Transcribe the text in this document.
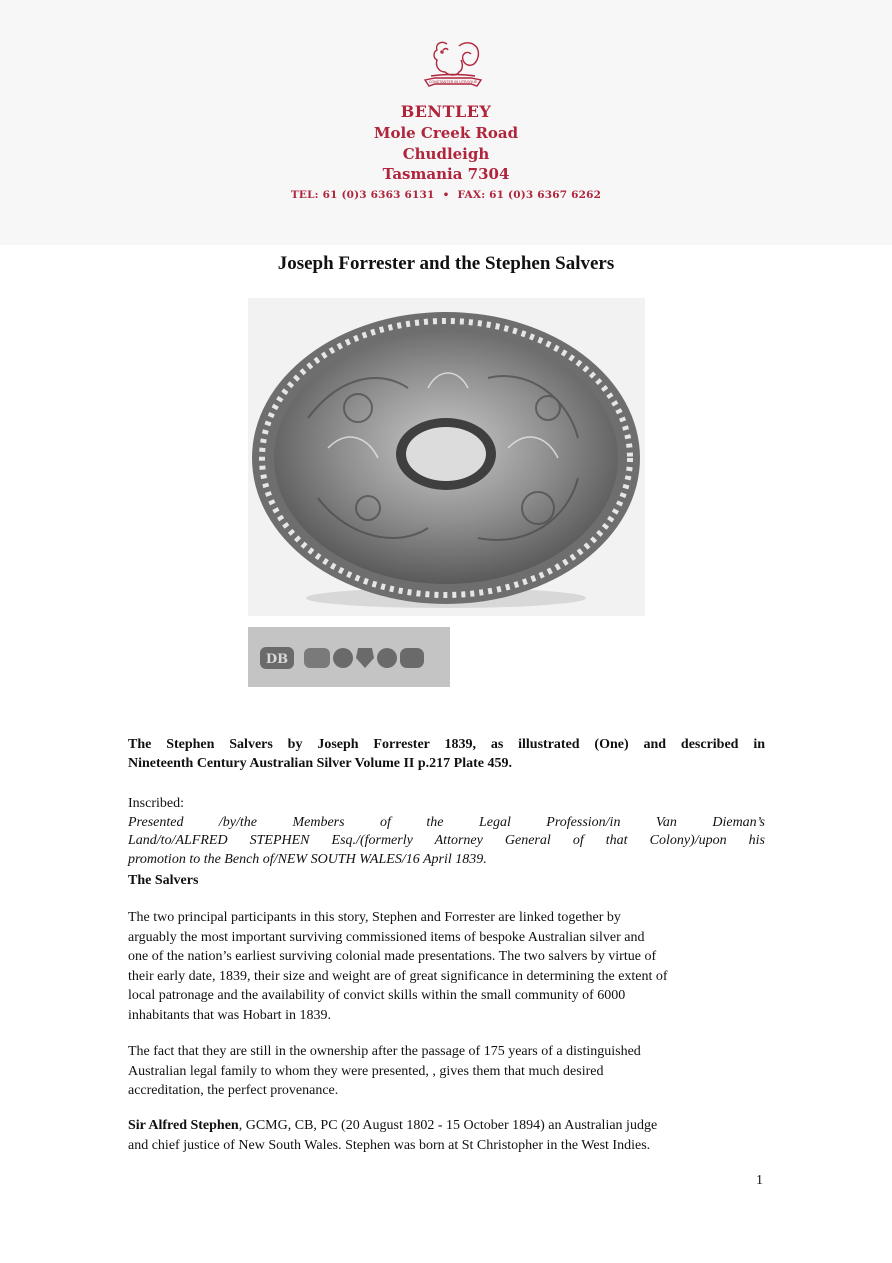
CONSTANTER IN UTROQUE
BENTLEY
Mole Creek Road
Chudleigh
Tasmania 7304
TEL: 61 (0)3 6363 6131 • FAX: 61 (0)3 6367 6262
Joseph Forrester and the Stephen Salvers
DB
The Stephen Salvers by Joseph Forrester 1839, as illustrated (One) and described in
Nineteenth Century Australian Silver Volume II p.217 Plate 459.
Inscribed:
Presented /by/the Members of the Legal Profession/in Van Dieman’s
Land/to/ALFRED STEPHEN Esq./(formerly Attorney General of that Colony)/upon his
promotion to the Bench of/NEW SOUTH WALES/16 April 1839.
The Salvers
The two principal participants in this story, Stephen and Forrester are linked together by
arguably the most important surviving commissioned items of bespoke Australian silver and
one of the nation’s earliest surviving colonial made presentations. The two salvers by virtue of
their early date, 1839, their size and weight are of great significance in determining the extent of
local patronage and the availability of convict skills within the small community of 6000
inhabitants that was Hobart in 1839.
The fact that they are still in the ownership after the passage of 175 years of a distinguished
Australian legal family to whom they were presented, , gives them that much desired
accreditation, the perfect provenance.
Sir Alfred Stephen, GCMG, CB, PC (20 August 1802 - 15 October 1894) an Australian judge
and chief justice of New South Wales. Stephen was born at St Christopher in the West Indies.
1
